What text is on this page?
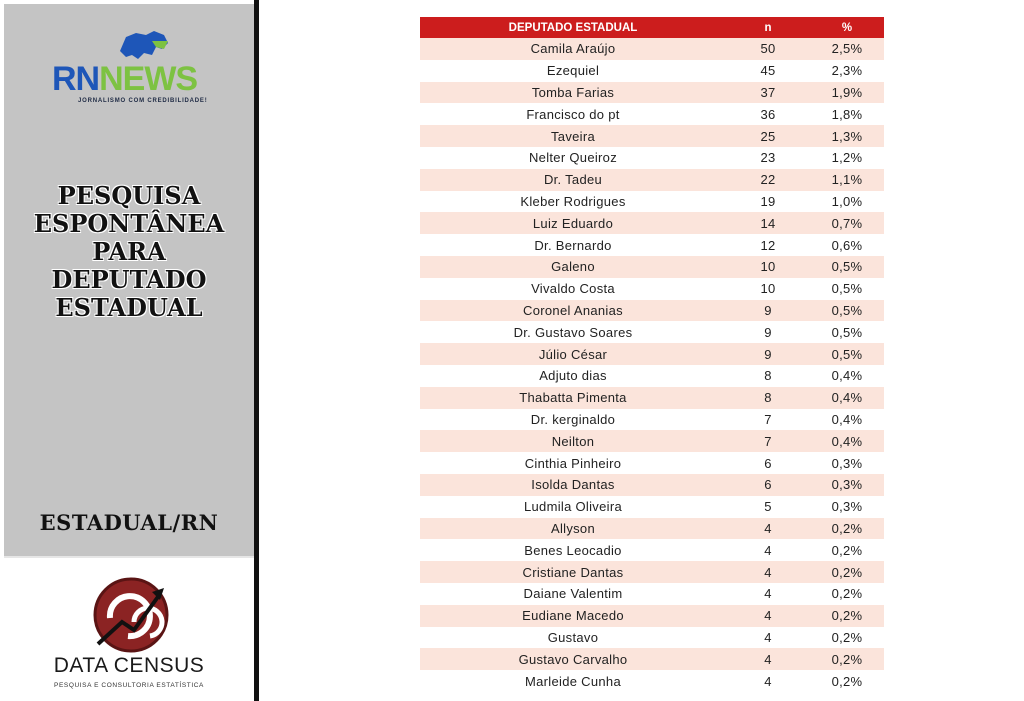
RNNEWS
JORNALISMO COM CREDIBILIDADE!
PESQUISA
ESPONTÂNEA
PARA
DEPUTADO
ESTADUAL
ESTADUAL/RN
DATA CENSUS
PESQUISA E CONSULTORIA ESTATÍSTICA
DEPUTADO ESTADUAL	n	%
Camila Araújo	50	2,5%
Ezequiel	45	2,3%
Tomba Farias	37	1,9%
Francisco do pt	36	1,8%
Taveira	25	1,3%
Nelter Queiroz	23	1,2%
Dr. Tadeu	22	1,1%
Kleber Rodrigues	19	1,0%
Luiz Eduardo	14	0,7%
Dr. Bernardo	12	0,6%
Galeno	10	0,5%
Vivaldo Costa	10	0,5%
Coronel Ananias	9	0,5%
Dr. Gustavo Soares	9	0,5%
Júlio César	9	0,5%
Adjuto dias	8	0,4%
Thabatta Pimenta	8	0,4%
Dr. kerginaldo	7	0,4%
Neilton	7	0,4%
Cinthia Pinheiro	6	0,3%
Isolda Dantas	6	0,3%
Ludmila Oliveira	5	0,3%
Allyson	4	0,2%
Benes Leocadio	4	0,2%
Cristiane Dantas	4	0,2%
Daiane Valentim	4	0,2%
Eudiane Macedo	4	0,2%
Gustavo	4	0,2%
Gustavo Carvalho	4	0,2%
Marleide Cunha	4	0,2%
